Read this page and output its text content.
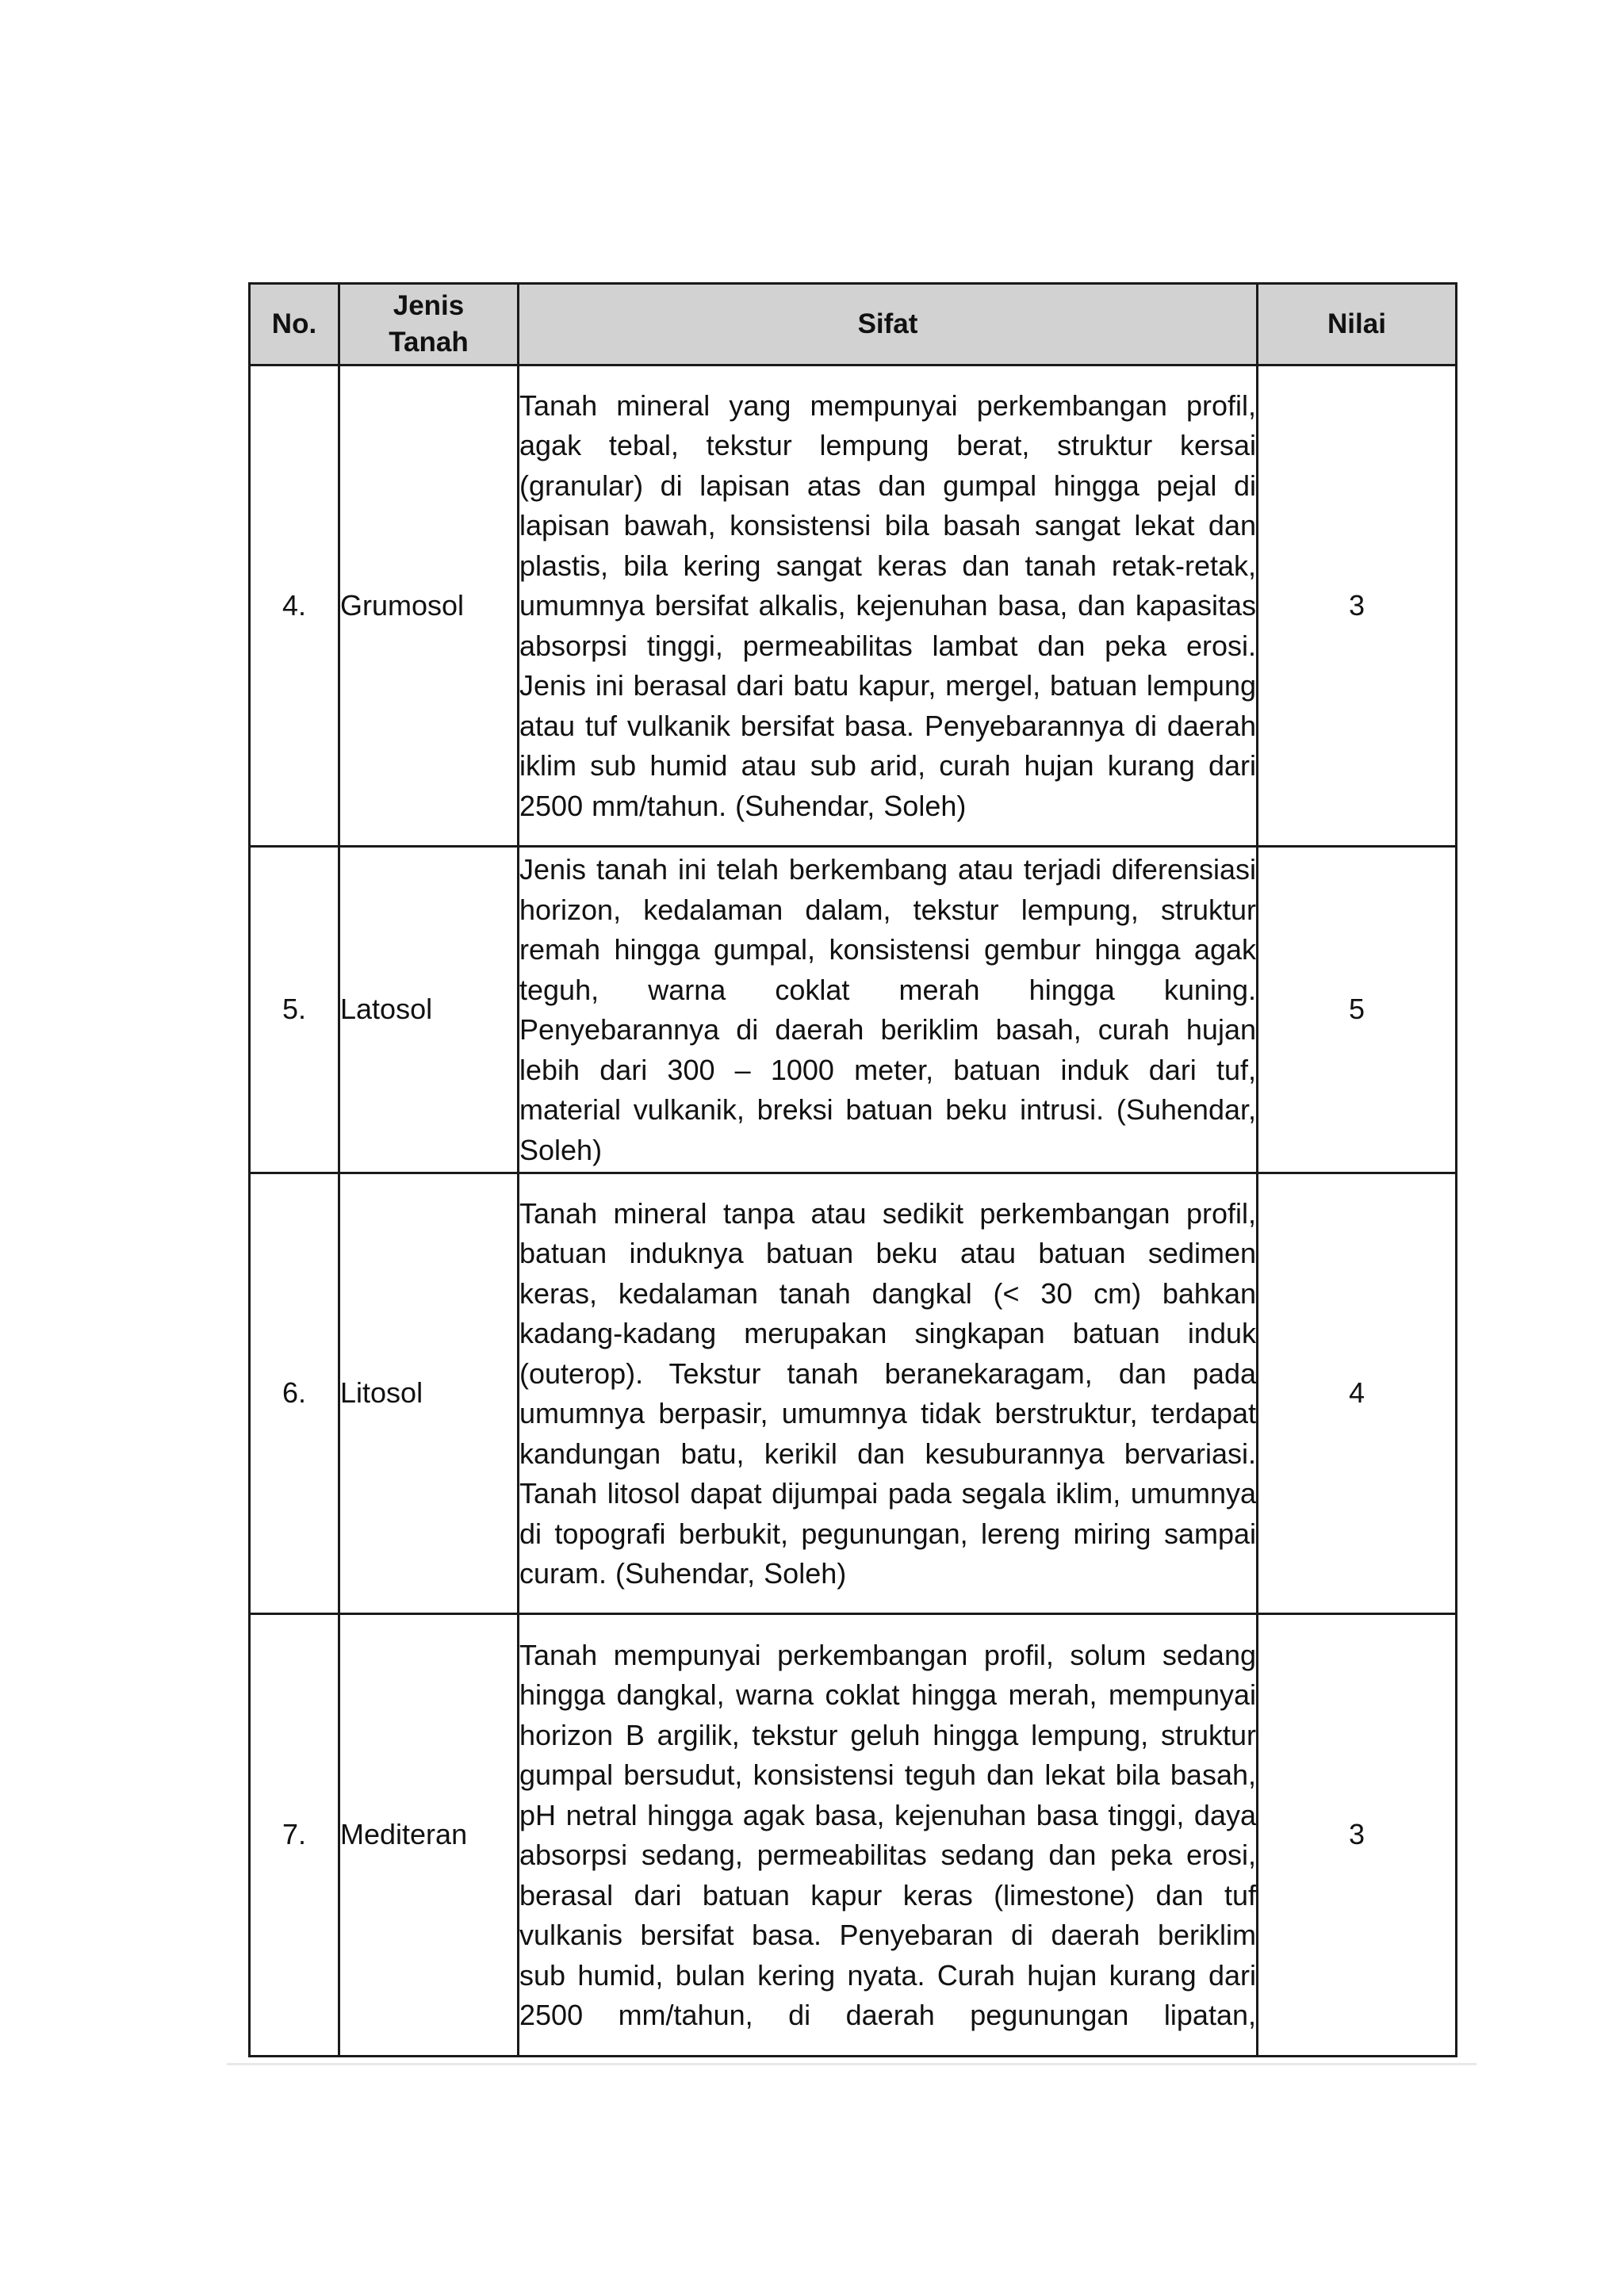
No.	Jenis Tanah	Sifat	Nilai
4.	Grumosol	Tanah mineral yang mempunyai perkembangan profil, agak tebal, tekstur lempung berat, struktur kersai (granular) di lapisan atas dan gumpal hingga pejal di lapisan bawah, konsistensi bila basah sangat lekat dan plastis, bila kering sangat keras dan tanah retak-retak, umumnya bersifat alkalis, kejenuhan basa, dan kapasitas absorpsi tinggi, permeabilitas lambat dan peka erosi. Jenis ini berasal dari batu kapur, mergel, batuan lempung atau tuf vulkanik bersifat basa. Penyebarannya di daerah iklim sub humid atau sub arid, curah hujan kurang dari 2500 mm/tahun. (Suhendar, Soleh)	3
5.	Latosol	Jenis tanah ini telah berkembang atau terjadi diferensiasi horizon, kedalaman dalam, tekstur lempung, struktur remah hingga gumpal, konsistensi gembur hingga agak teguh, warna coklat merah hingga kuning. Penyebarannya di daerah beriklim basah, curah hujan lebih dari 300 – 1000 meter, batuan induk dari tuf, material vulkanik, breksi batuan beku intrusi. (Suhendar, Soleh)	5
6.	Litosol	Tanah mineral tanpa atau sedikit perkembangan profil, batuan induknya batuan beku atau batuan sedimen keras, kedalaman tanah dangkal (< 30 cm) bahkan kadang-kadang merupakan singkapan batuan induk (outerop). Tekstur tanah beranekaragam, dan pada umumnya berpasir, umumnya tidak berstruktur, terdapat kandungan batu, kerikil dan kesuburannya bervariasi. Tanah litosol dapat dijumpai pada segala iklim, umumnya di topografi berbukit, pegunungan, lereng miring sampai curam. (Suhendar, Soleh)	4
7.	Mediteran	Tanah mempunyai perkembangan profil, solum sedang hingga dangkal, warna coklat hingga merah, mempunyai horizon B argilik, tekstur geluh hingga lempung, struktur gumpal bersudut, konsistensi teguh dan lekat bila basah, pH netral hingga agak basa, kejenuhan basa tinggi, daya absorpsi sedang, permeabilitas sedang dan peka erosi, berasal dari batuan kapur keras (limestone) dan tuf vulkanis bersifat basa. Penyebaran di daerah beriklim sub humid, bulan kering nyata. Curah hujan kurang dari 2500 mm/tahun, di daerah pegunungan lipatan,	3
